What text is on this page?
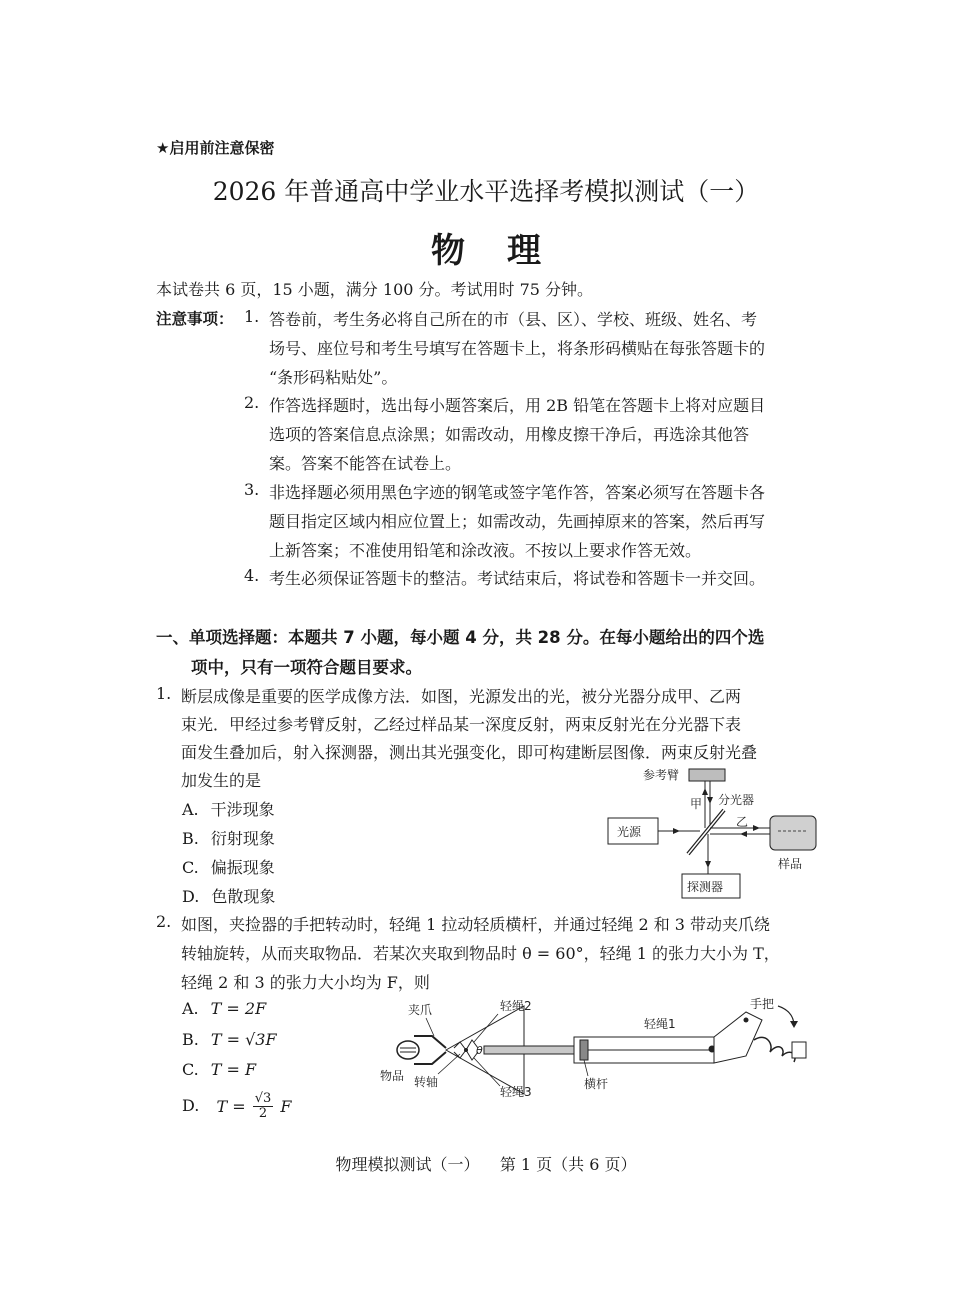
★启用前注意保密
2026 年普通高中学业水平选择考模拟测试（一）
物理
本试卷共 6 页，15 小题，满分 100 分。考试用时 75 分钟。
注意事项： 1. 答卷前，考生务必将自己所在的市（县、区）、学校、班级、姓名、考
场号、座位号和考生号填写在答题卡上，将条形码横贴在每张答题卡的
“条形码粘贴处”。
2. 作答选择题时，选出每小题答案后，用 2B 铅笔在答题卡上将对应题目
选项的答案信息点涂黑；如需改动，用橡皮擦干净后，再选涂其他答
案。答案不能答在试卷上。
3. 非选择题必须用黑色字迹的钢笔或签字笔作答，答案必须写在答题卡各
题目指定区域内相应位置上；如需改动，先画掉原来的答案，然后再写
上新答案；不准使用铅笔和涂改液。不按以上要求作答无效。
4. 考生必须保证答题卡的整洁。考试结束后，将试卷和答题卡一并交回。
一、单项选择题：本题共 7 小题，每小题 4 分，共 28 分。在每小题给出的四个选
项中，只有一项符合题目要求。
1. 断层成像是重要的医学成像方法．如图，光源发出的光，被分光器分成甲、乙两
束光．甲经过参考臂反射，乙经过样品某一深度反射，两束反射光在分光器下表
面发生叠加后，射入探测器，测出其光强变化，即可构建断层图像．两束反射光叠
加发生的是
A. 干涉现象
B. 衍射现象
C. 偏振现象
D. 色散现象
参考臂
甲 分光器
光源
乙
样品
探测器
2. 如图，夹捡器的手把转动时，轻绳 1 拉动轻质横杆，并通过轻绳 2 和 3 带动夹爪绕
转轴旋转，从而夹取物品．若某次夹取到物品时 θ = 60°，轻绳 1 的张力大小为 T，
轻绳 2 和 3 的张力大小均为 F，则
A. T = 2F
B. T = √3F
C. T = F
D. $T = \frac{√3}{2}$ F
θ
夹爪	轻绳2
轻绳1
手把
物品 转轴
轻绳3
横杆
物理模拟测试（一）    第 1 页（共 6 页）
